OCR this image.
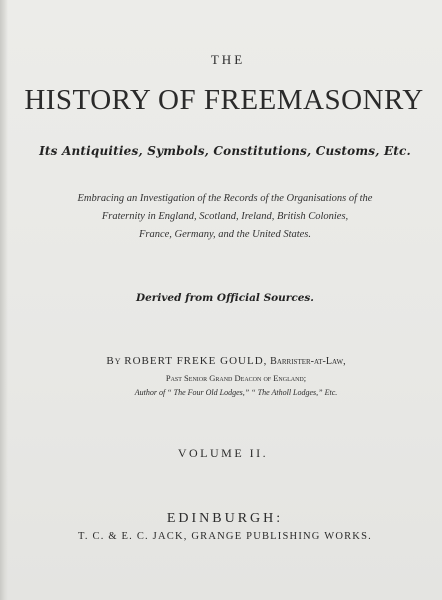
THE
HISTORY OF FREEMASONRY
Its Antiquities, Symbols, Constitutions, Customs, Etc.
Embracing an Investigation of the Records of the Organisations of the
Fraternity in England, Scotland, Ireland, British Colonies,
France, Germany, and the United States.
Derived from Official Sources.
By ROBERT FREKE GOULD, Barrister-at-Law,
Past Senior Grand Deacon of England;
Author of “ The Four Old Lodges,” “ The Atholl Lodges,” Etc.
VOLUME II.
EDINBURGH:
T. C. & E. C. JACK, GRANGE PUBLISHING WORKS.
